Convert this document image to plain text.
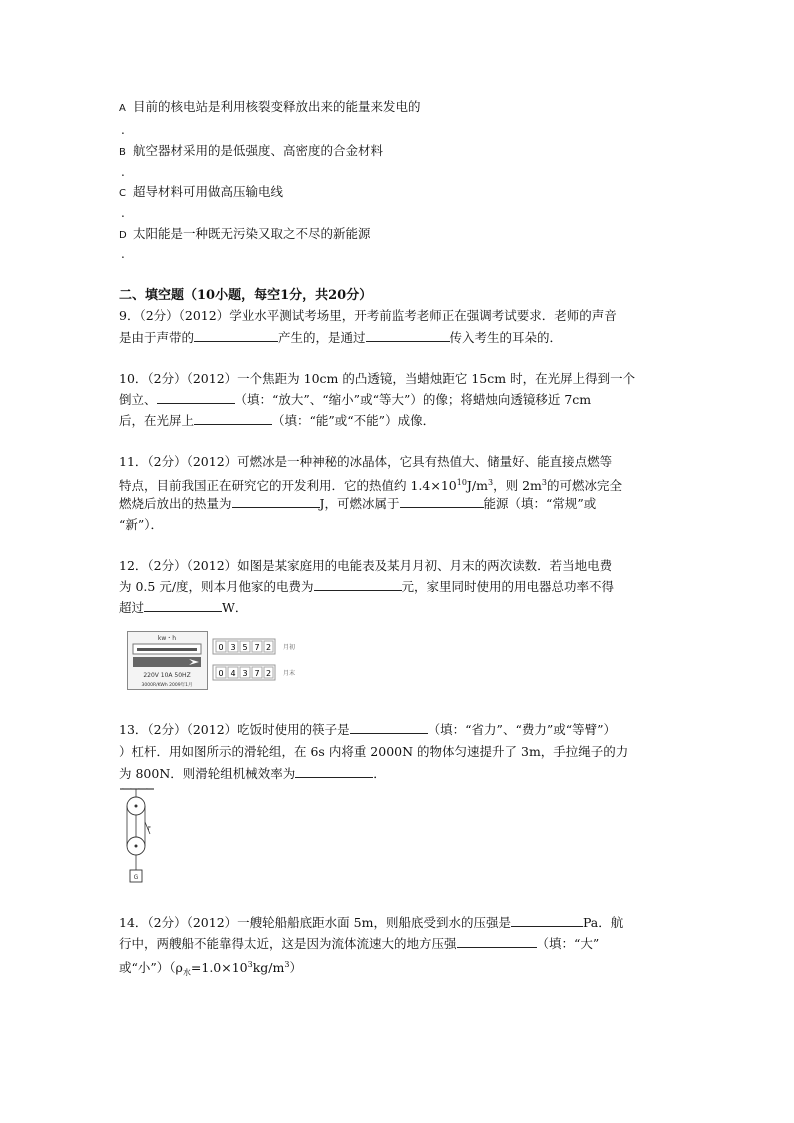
A 目前的核电站是利用核裂变释放出来的能量来发电的
.
B 航空器材采用的是低强度、高密度的合金材料
.
C 超导材料可用做高压输电线
.
D 太阳能是一种既无污染又取之不尽的新能源
.
二、填空题（10小题，每空1分，共20分）
9．（2分）（2012）学业水平测试考场里，开考前监考老师正在强调考试要求．老师的声音
是由于声带的	产生的，是通过	传入考生的耳朵的．
10．（2分）（2012）一个焦距为 10cm 的凸透镜，当蜡烛距它 15cm 时，在光屏上得到一个
倒立、	（填：“放大”、“缩小”或“等大”）的像；将蜡烛向透镜移近 7cm
后，在光屏上	（填：“能”或“不能”）成像．
11．（2分）（2012）可燃冰是一种神秘的冰晶体，它具有热值大、储量好、能直接点燃等
特点，目前我国正在研究它的开发利用．它的热值约 $1.4\times 10^{10}J/m^3$，则 $2m^3$的可燃冰完全
燃烧后放出的热量为	J，可燃冰属于	能源（填：“常规”或
“新”）．
12．（2分）（2012）如图是某家庭用的电能表及某月月初、月末的两次读数．若当地电费
为 0.5 元/度，则本月他家的电费为	元，家里同时使用的用电器总功率不得
超过	W．
kw・h
220V 10A 50HZ
3000R/KWh 2009年1月
0 3 5 7 2 月初
0 4 3 7 2 月末
13．（2分）（2012）吃饭时使用的筷子是	（填：“省力”、“费力”或“等臂”）
）杠杆．用如图所示的滑轮组，在 6s 内将重 2000N 的物体匀速提升了 3m，手拉绳子的力
为 800N．则滑轮组机械效率为	．
F
G
14．（2分）（2012）一艘轮船船底距水面 5m，则船底受到水的压强是	Pa．航
行中，两艘船不能靠得太近，这是因为流体流速大的地方压强	（填：“大”
或“小$”)(\rho_水=1.0\times 10^3kg/m^3)$
